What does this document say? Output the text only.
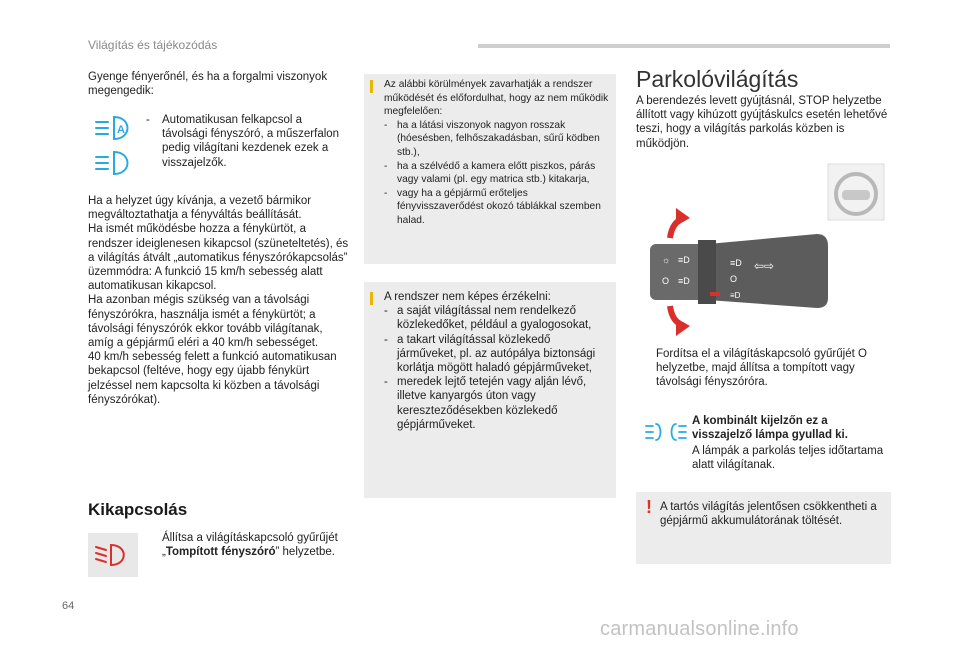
Világítás és tájékozódás
Gyenge fényerőnél, és ha a forgalmi viszonyok megengedik:
A
- Automatikusan felkapcsol a távolsági fényszóró, a műszerfalon pedig világítani kezdenek ezek a visszajelzők.
Ha a helyzet úgy kívánja, a vezető bármikor megváltoztathatja a fényváltás beállítását.
Ha ismét működésbe hozza a fénykürtöt, a rendszer ideiglenesen kikapcsol (szüneteltetés), és a világítás átvált „automatikus fényszórókapcsolás” üzemmódra: A funkció 15 km/h sebesség alatt automatikusan kikapcsol.
Ha azonban mégis szükség van a távolsági fényszórókra, használja ismét a fénykürtöt; a távolsági fényszórók ekkor tovább világítanak, amíg a gépjármű eléri a 40 km/h sebességet.
40 km/h sebesség felett a funkció automatikusan bekapcsol (feltéve, hogy egy újabb fénykürt jelzéssel nem kapcsolta ki közben a távolsági fényszórókat).
Kikapcsolás
Állítsa a világításkapcsoló gyűrűjét „Tompított fényszóró” helyzetbe.
Az alábbi körülmények zavarhatják a rendszer működését és előfordulhat, hogy az nem működik megfelelően:
- ha a látási viszonyok nagyon rosszak (hóesésben, felhőszakadásban, sűrű ködben stb.),
- ha a szélvédő a kamera előtt piszkos, párás vagy valami (pl. egy matrica stb.) kitakarja,
- vagy ha a gépjármű erőteljes fényvisszaverődést okozó táblákkal szemben halad.
A rendszer nem képes érzékelni:
- a saját világítással nem rendelkező közlekedőket, például a gyalogosokat,
- a takart világítással közlekedő járműveket, pl. az autópálya biztonsági korlátja mögött haladó gépjárműveket,
- meredek lejtő tetején vagy alján lévő, illetve kanyargós úton vagy kereszteződésekben közlekedő gépjárműveket.
Parkolóvilágítás
A berendezés levett gyújtásnál, STOP helyzetbe állított vagy kihúzott gyújtáskulcs esetén lehetővé teszi, hogy a világítás parkolás közben is működjön.
☼ ≡D
O ≡D
≡D
O
⇦⇨
≡D
Fordítsa el a világításkapcsoló gyűrűjét O helyzetbe, majd állítsa a tompított vagy távolsági fényszóróra.
A kombinált kijelzőn ez a visszajelző lámpa gyullad ki.
A lámpák a parkolás teljes időtartama alatt világítanak.
! A tartós világítás jelentősen csökkentheti a gépjármű akkumulátorának töltését.
64
carmanualsonline.info
